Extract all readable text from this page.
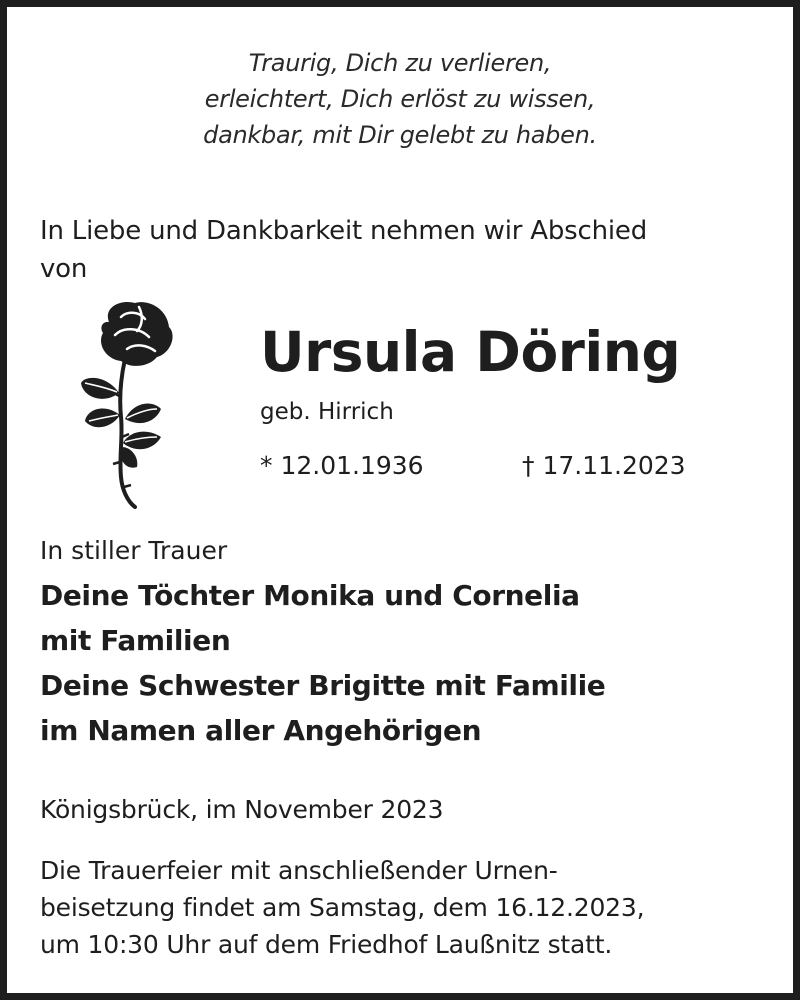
Traurig, Dich zu verlieren,
erleichtert, Dich erlöst zu wissen,
dankbar, mit Dir gelebt zu haben.
In Liebe und Dankbarkeit nehmen wir Abschied
von
Ursula Döring
geb. Hirrich
* 12.01.1936	† 17.11.2023
In stiller Trauer
Deine Töchter Monika und Cornelia
mit Familien
Deine Schwester Brigitte mit Familie
im Namen aller Angehörigen
Königsbrück, im November 2023
Die Trauerfeier mit anschließender Urnen-
beisetzung findet am Samstag, dem 16.12.2023,
um 10:30 Uhr auf dem Friedhof Laußnitz statt.
